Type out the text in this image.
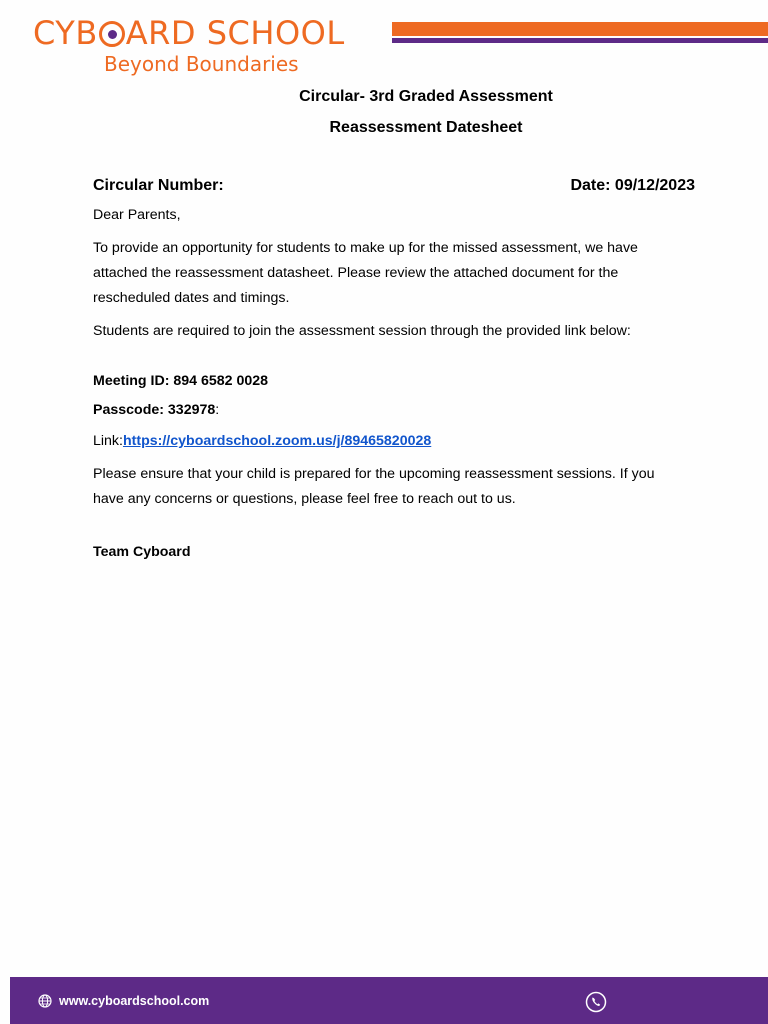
CYB ARD SCHOOL
Beyond Boundaries
Circular- 3rd Graded Assessment
Reassessment Datesheet
Circular Number:	Date: 09/12/2023
Dear Parents,
To provide an opportunity for students to make up for the missed assessment, we have attached the reassessment datasheet. Please review the attached document for the rescheduled dates and timings.
Students are required to join the assessment session through the provided link below:
Meeting ID: 894 6582 0028
Passcode: 332978:
Link:https://cyboardschool.zoom.us/j/89465820028
Please ensure that your child is prepared for the upcoming reassessment sessions. If you have any concerns or questions, please feel free to reach out to us.
Team Cyboard
www.cyboardschool.com
